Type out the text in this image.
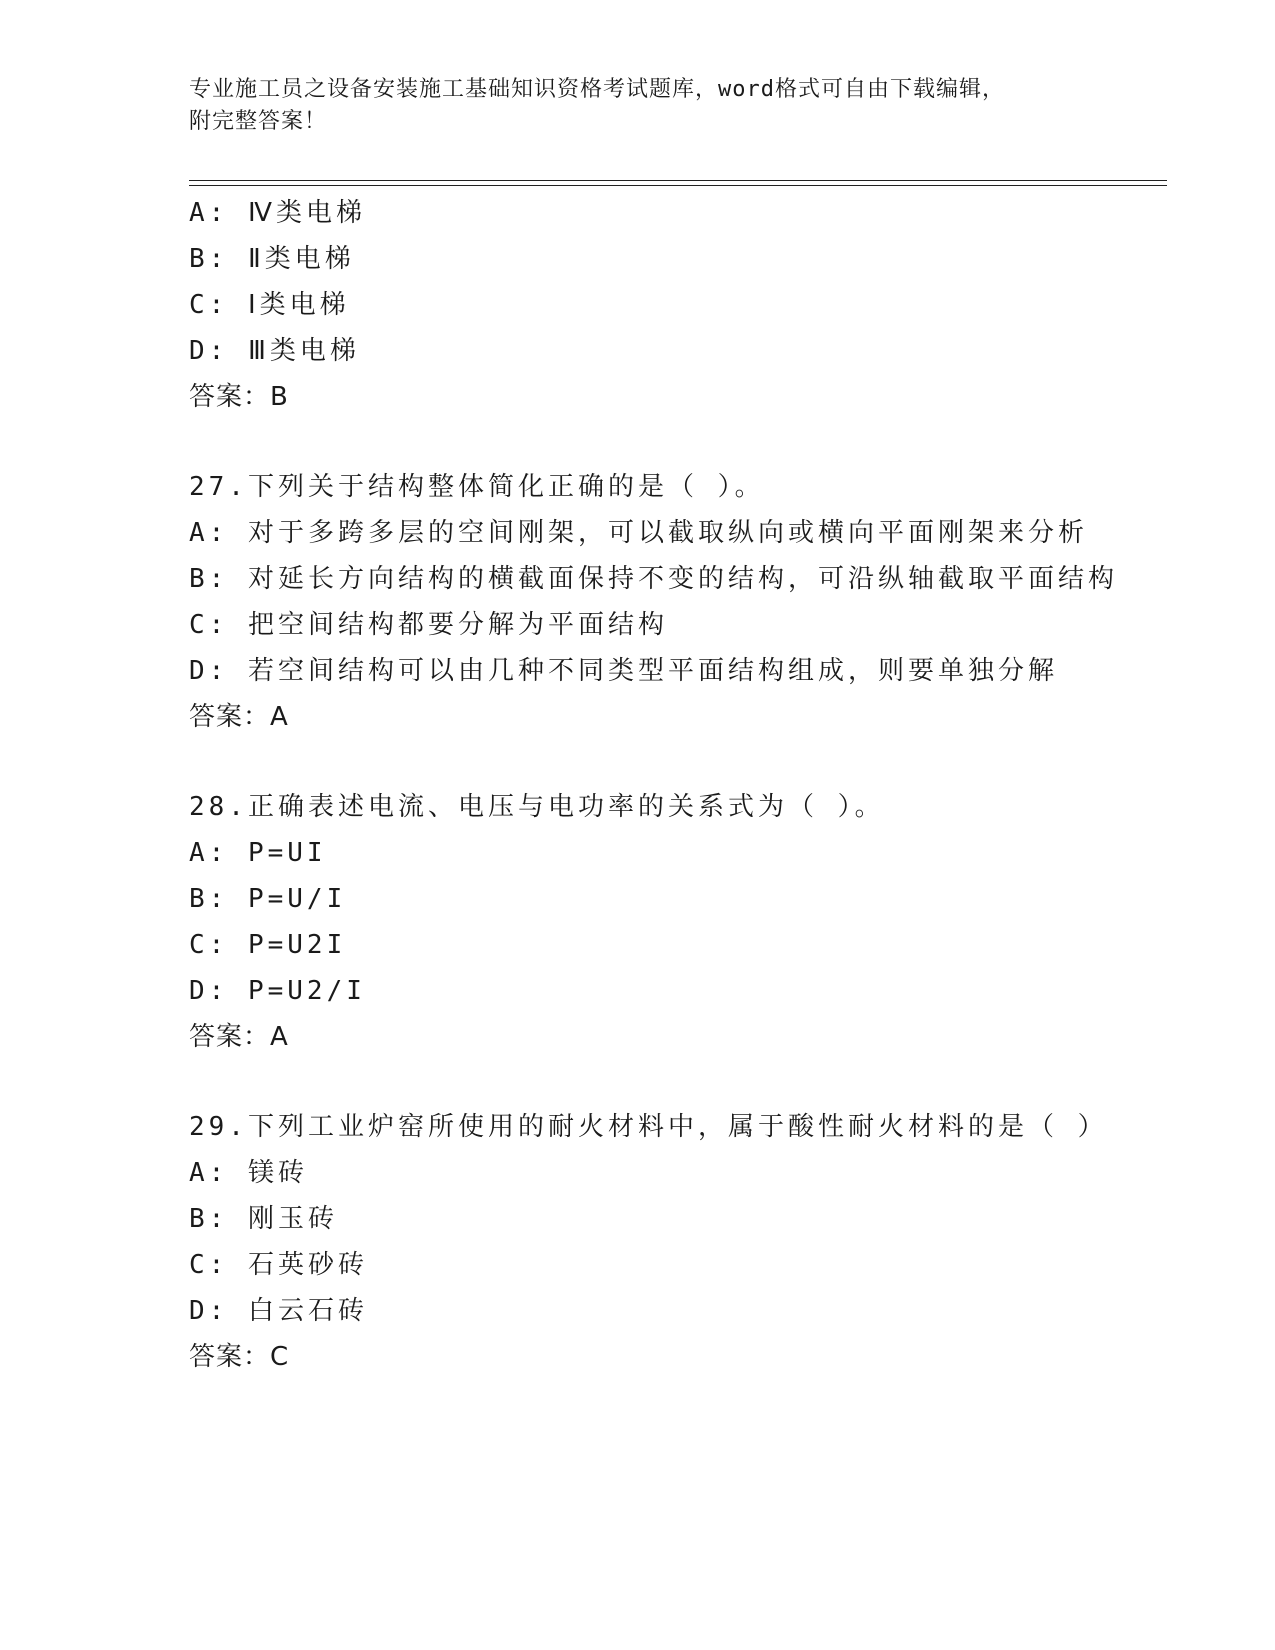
专业施工员之设备安装施工基础知识资格考试题库，word格式可自由下载编辑，
附完整答案！
A: Ⅳ类电梯
B: Ⅱ类电梯
C: Ⅰ类电梯
D: Ⅲ类电梯
答案：B
27.下列关于结构整体简化正确的是（ ）。
A: 对于多跨多层的空间刚架，可以截取纵向或横向平面刚架来分析
B: 对延长方向结构的横截面保持不变的结构，可沿纵轴截取平面结构
C: 把空间结构都要分解为平面结构
D: 若空间结构可以由几种不同类型平面结构组成，则要单独分解
答案：A
28.正确表述电流、电压与电功率的关系式为（ ）。
A: P=UI
B: P=U/I
C: P=U2I
D: P=U2/I
答案：A
29.下列工业炉窑所使用的耐火材料中，属于酸性耐火材料的是（ ）
A: 镁砖
B: 刚玉砖
C: 石英砂砖
D: 白云石砖
答案：C
